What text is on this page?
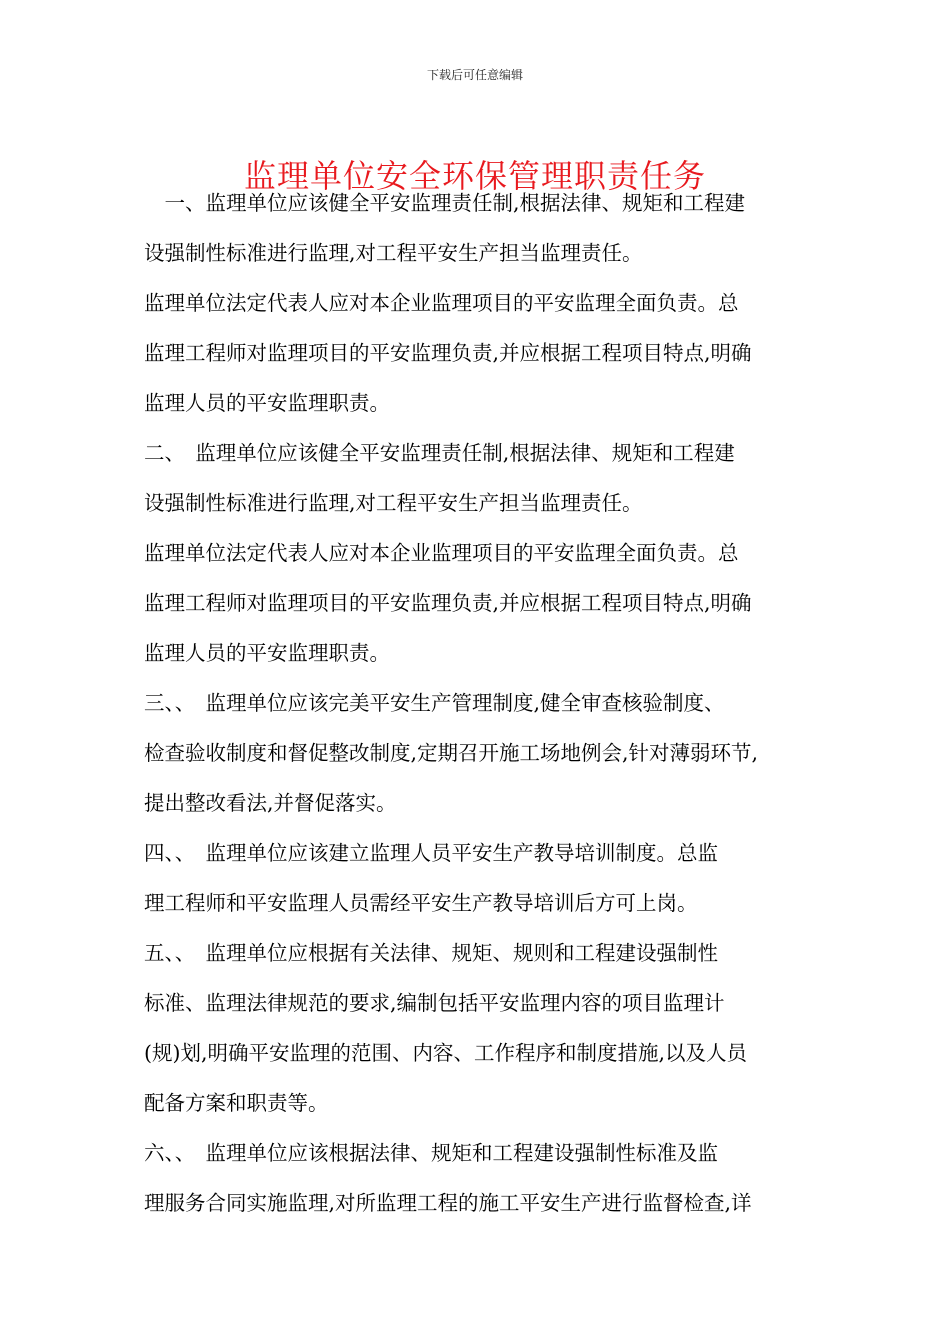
下载后可任意编辑
监理单位安全环保管理职责任务
　一、监理单位应该健全平安监理责任制,根据法律、规矩和工程建
设强制性标准进行监理,对工程平安生产担当监理责任。
监理单位法定代表人应对本企业监理项目的平安监理全面负责。总
监理工程师对监理项目的平安监理负责,并应根据工程项目特点,明确
监理人员的平安监理职责。
二、　监理单位应该健全平安监理责任制,根据法律、规矩和工程建
设强制性标准进行监理,对工程平安生产担当监理责任。
监理单位法定代表人应对本企业监理项目的平安监理全面负责。总
监理工程师对监理项目的平安监理负责,并应根据工程项目特点,明确
监理人员的平安监理职责。
三、、　监理单位应该完美平安生产管理制度,健全审查核验制度、
检查验收制度和督促整改制度,定期召开施工场地例会,针对薄弱环节,
提出整改看法,并督促落实。
四、、　监理单位应该建立监理人员平安生产教导培训制度。总监
理工程师和平安监理人员需经平安生产教导培训后方可上岗。
五、、　监理单位应根据有关法律、规矩、规则和工程建设强制性
标准、监理法律规范的要求,编制包括平安监理内容的项目监理计
(规)划,明确平安监理的范围、内容、工作程序和制度措施,以及人员
配备方案和职责等。
六、、　监理单位应该根据法律、规矩和工程建设强制性标准及监
理服务合同实施监理,对所监理工程的施工平安生产进行监督检查,详
